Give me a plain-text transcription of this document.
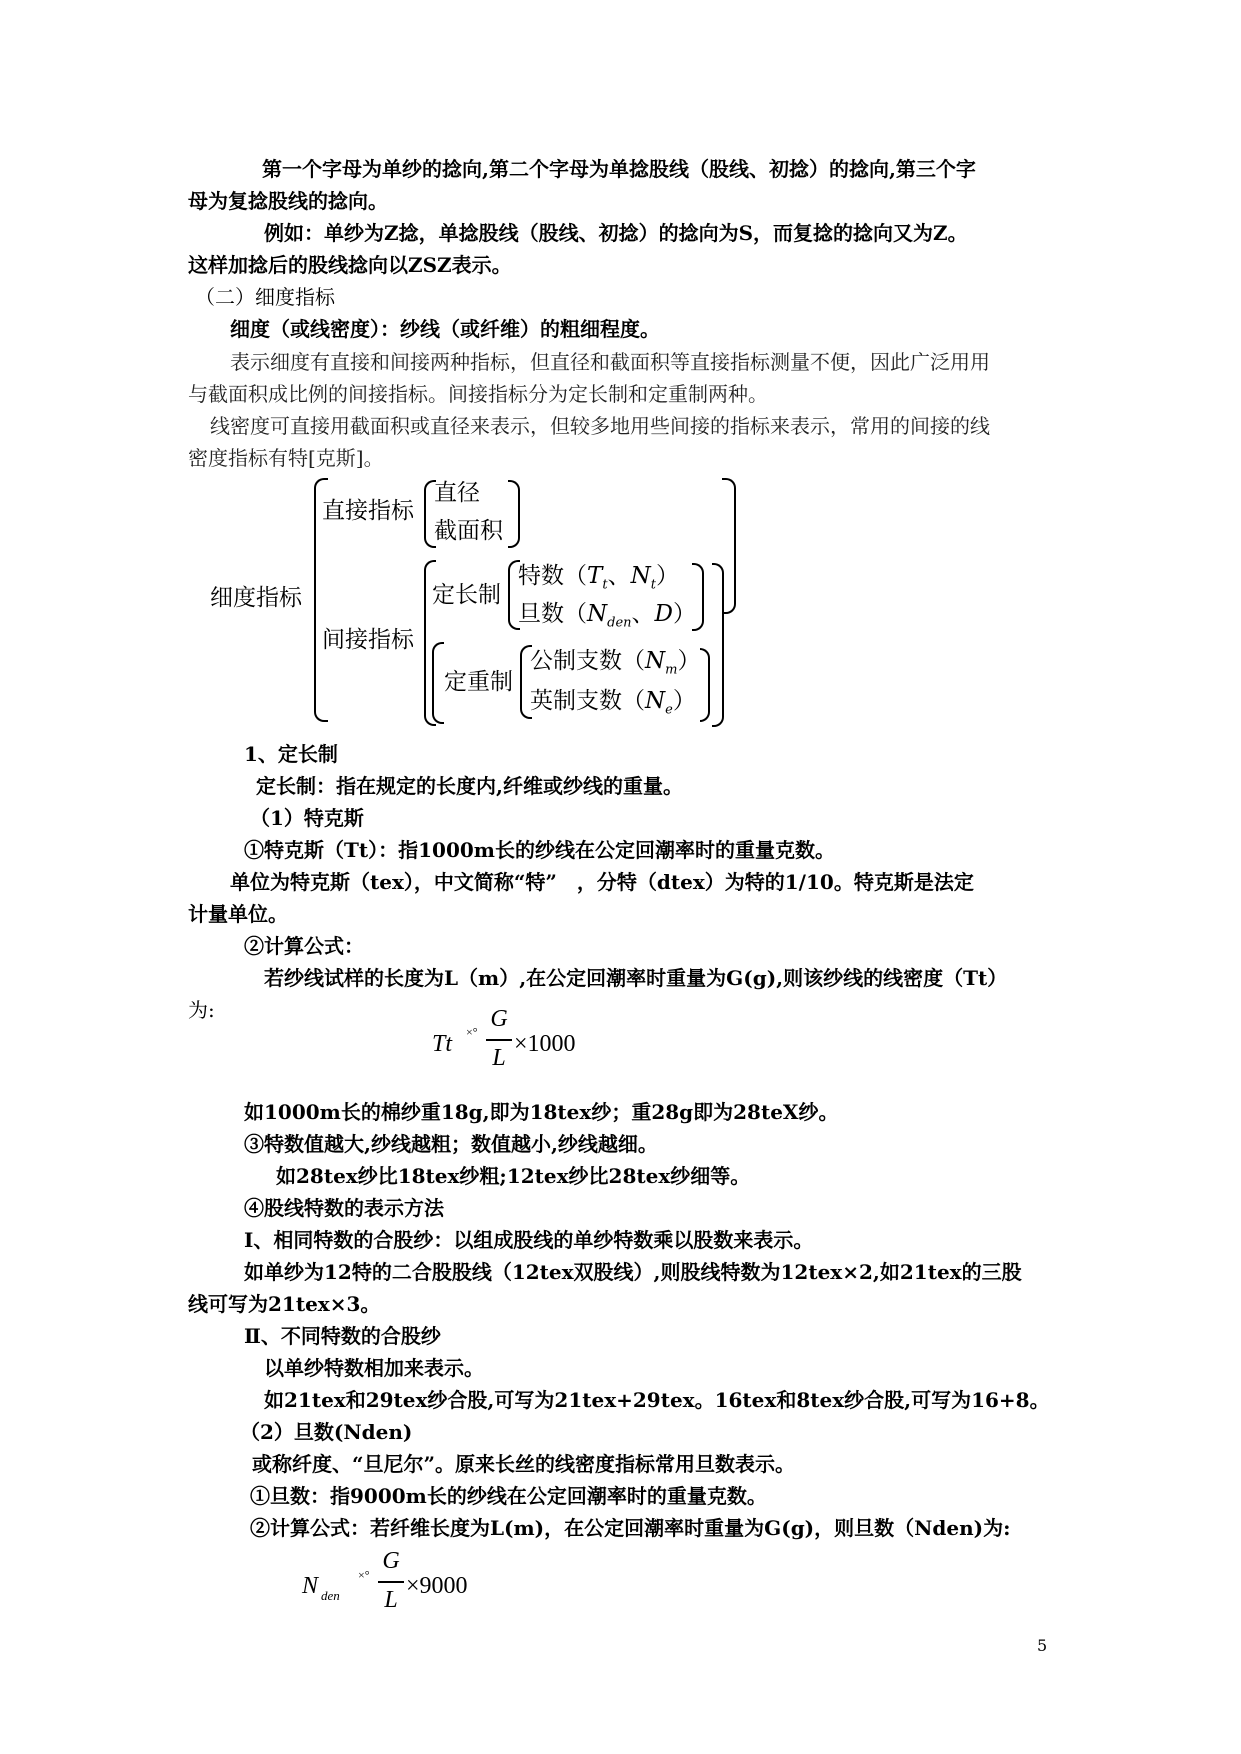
第一个字母为单纱的捻向,第二个字母为单捻股线（股线、初捻）的捻向,第三个字
母为复捻股线的捻向。
例如：单纱为Z捻，单捻股线（股线、初捻）的捻向为S，而复捻的捻向又为Z。
这样加捻后的股线捻向以ZSZ表示。
（二）细度指标
细度（或线密度）：纱线（或纤维）的粗细程度。
表示细度有直接和间接两种指标，但直径和截面积等直接指标测量不便，因此广泛用用
与截面积成比例的间接指标。间接指标分为定长制和定重制两种。
线密度可直接用截面积或直径来表示，但较多地用些间接的指标来表示，常用的间接的线
密度指标有特[克斯]。
细度指标
直接指标
直径
截面积
间接指标
定长制
特数（$T_t$、$N_t$）
旦数（$N_{den}$、D）
定重制
公制支数$(N_m)$
英制支数$(N_e)$
1、定长制
定长制：指在规定的长度内,纤维或纱线的重量。
（1）特克斯
①特克斯（Tt）：指1000m长的纱线在公定回潮率时的重量克数。
单位为特克斯（tex），中文简称“特”　，分特（dtex）为特的1/10。特克斯是法定
计量单位。
②计算公式：
若纱线试样的长度为L（m）,在公定回潮率时重量为G(g),则该纱线的线密度（Tt）
为:
Tt ×° G
L
×1000
如1000m长的棉纱重18g,即为18tex纱；重28g即为28teX纱。
③特数值越大,纱线越粗；数值越小,纱线越细。
如28tex纱比18tex纱粗;12tex纱比28tex纱细等。
④股线特数的表示方法
Ⅰ、相同特数的合股纱：以组成股线的单纱特数乘以股数来表示。
如单纱为12特的二合股股线（12tex双股线）,则股线特数为12tex×2,如21tex的三股
线可写为21tex×3。
Ⅱ、不同特数的合股纱
以单纱特数相加来表示。
如21tex和29tex纱合股,可写为21tex+29tex。16tex和8tex纱合股,可写为16+8。
（2）旦数(Nden)
或称纤度、“旦尼尔”。原来长丝的线密度指标常用旦数表示。
①旦数：指9000m长的纱线在公定回潮率时的重量克数。
②计算公式：若纤维长度为L(m)，在公定回潮率时重量为G(g)，则旦数（Nden)为:
N den
×°
G
L
×9000
5
